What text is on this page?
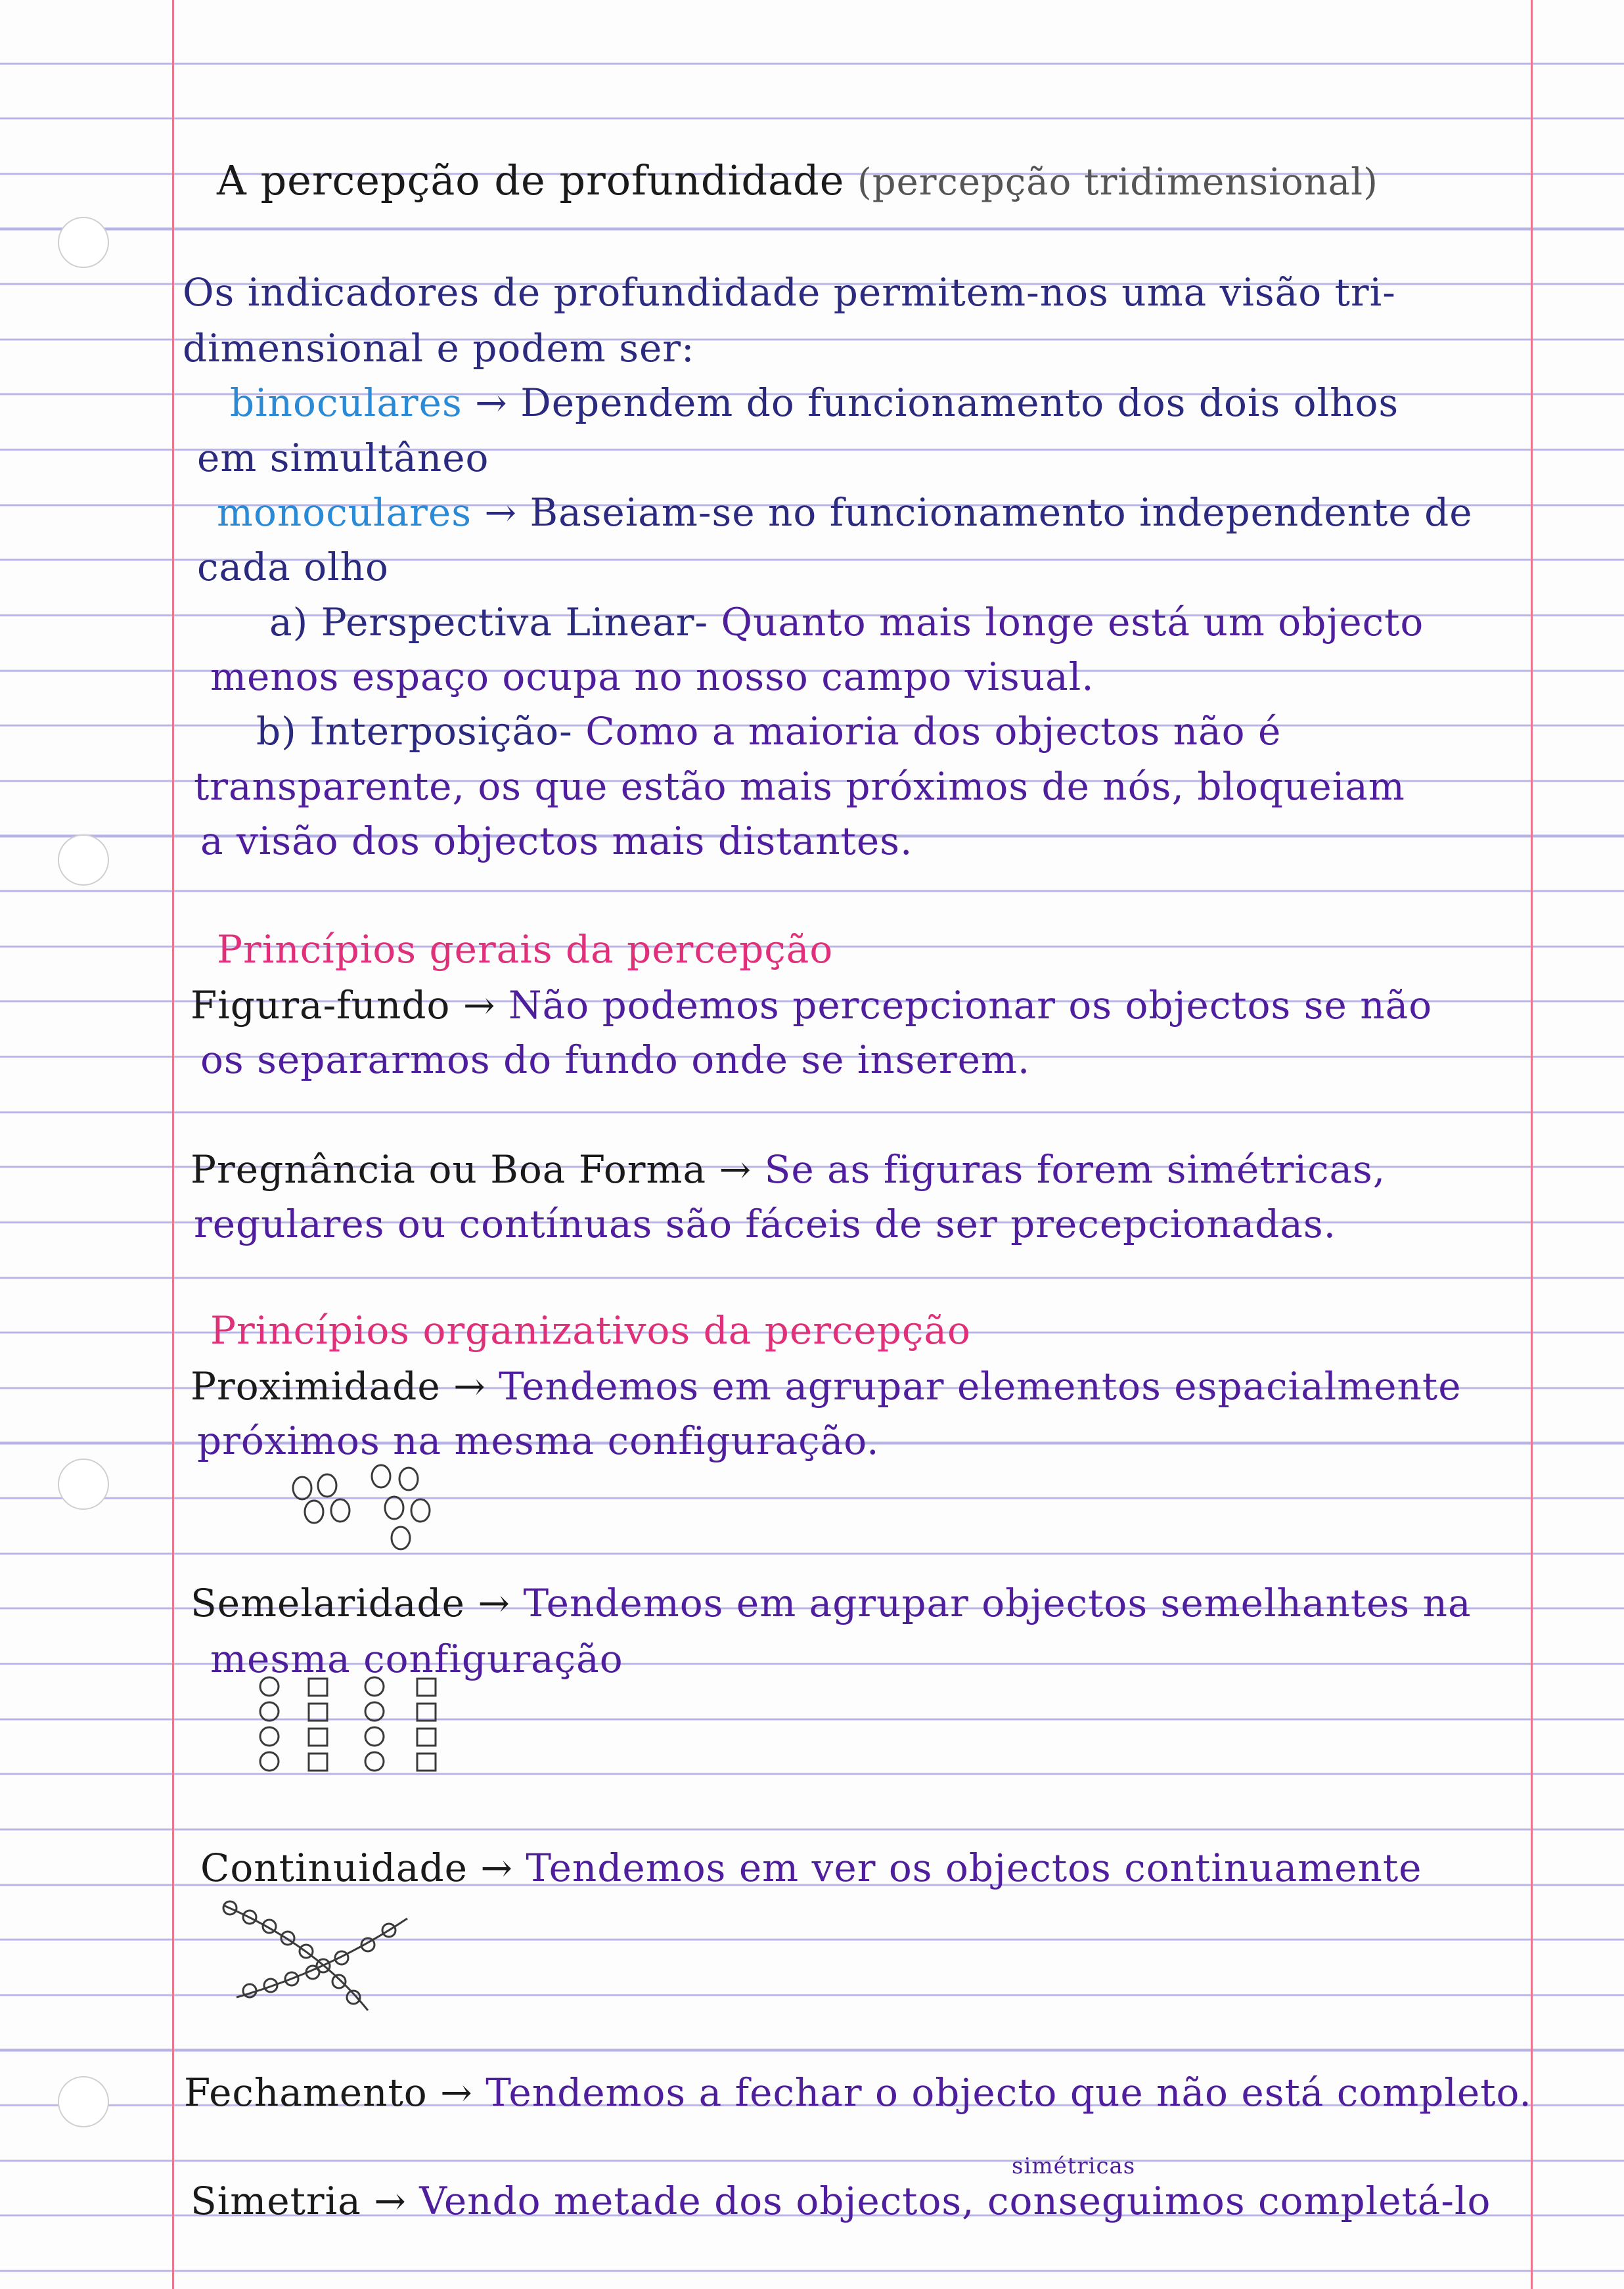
A percepção de profundidade (percepção tridimensional)
Os indicadores de profundidade permitem-nos uma visão tri-
dimensional e podem ser:
binoculares → Dependem do funcionamento dos dois olhos
em simultâneo
monoculares → Baseiam-se no funcionamento independente de
cada olho
a) Perspectiva Linear- Quanto mais longe está um objecto
menos espaço ocupa no nosso campo visual.
b) Interposição- Como a maioria dos objectos não é
transparente, os que estão mais próximos de nós, bloqueiam
a visão dos objectos mais distantes.
Princípios gerais da percepção
Figura-fundo → Não podemos percepcionar os objectos se não
os separarmos do fundo onde se inserem.
Pregnância ou Boa Forma → Se as figuras forem simétricas,
regulares ou contínuas são fáceis de ser precepcionadas.
Princípios organizativos da percepção
Proximidade → Tendemos em agrupar elementos espacialmente
próximos na mesma configuração.
Semelaridade → Tendemos em agrupar objectos semelhantes na
mesma configuração
Continuidade → Tendemos em ver os objectos continuamente
Fechamento → Tendemos a fechar o objecto que não está completo.
simétricas
Simetria → Vendo metade dos objectos, conseguimos completá-lo
